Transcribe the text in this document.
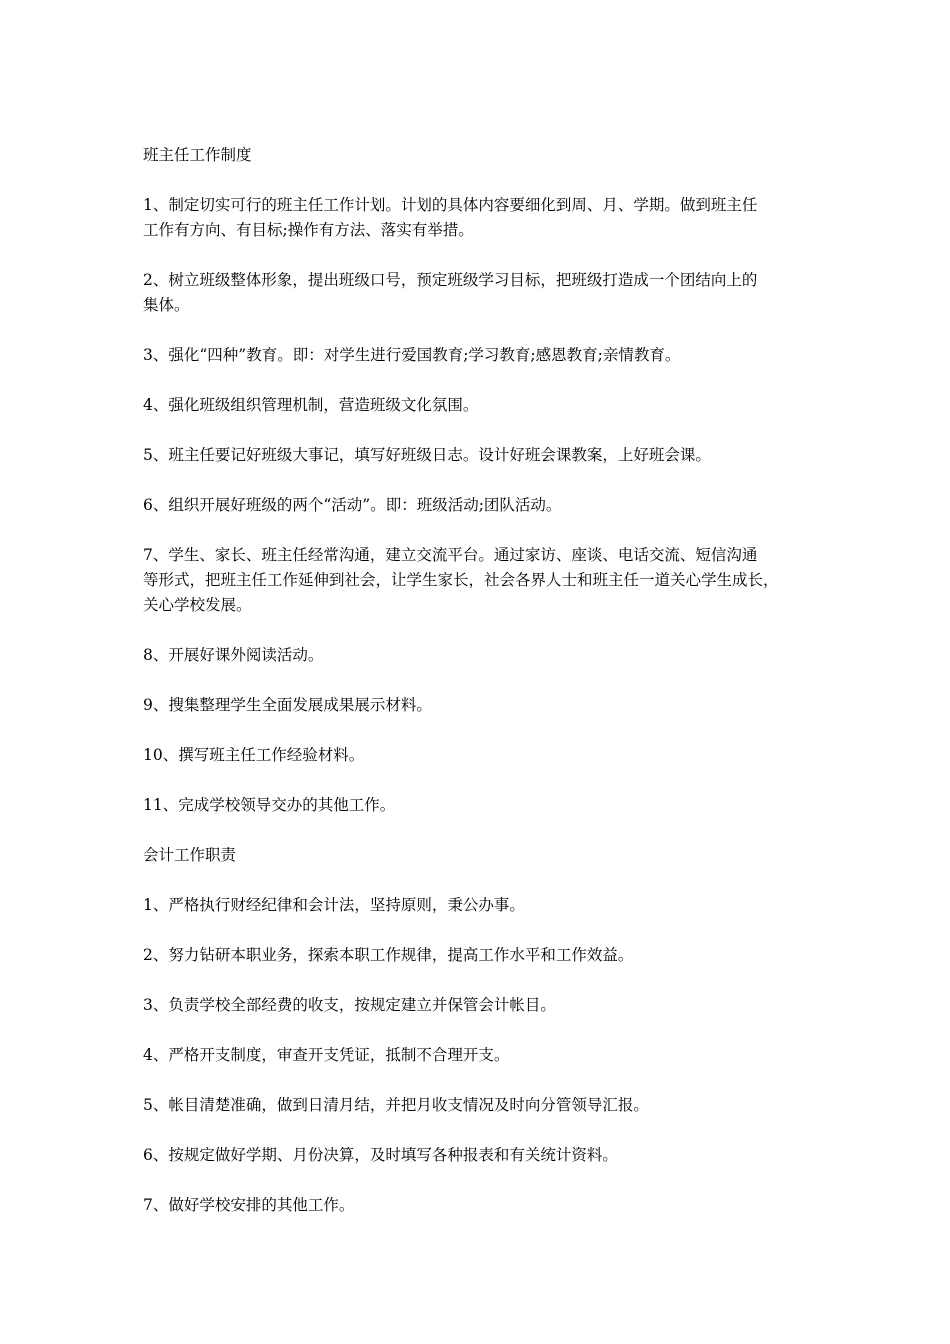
班主任工作制度

1、制定切实可行的班主任工作计划。计划的具体内容要细化到周、月、学期。做到班主任

工作有方向、有目标;操作有方法、落实有举措。

2、树立班级整体形象，提出班级口号，预定班级学习目标，把班级打造成一个团结向上的

集体。

3、强化“四种”教育。即：对学生进行爱国教育;学习教育;感恩教育;亲情教育。

4、强化班级组织管理机制，营造班级文化氛围。

5、班主任要记好班级大事记，填写好班级日志。设计好班会课教案，上好班会课。

6、组织开展好班级的两个“活动”。即：班级活动;团队活动。

7、学生、家长、班主任经常沟通，建立交流平台。通过家访、座谈、电话交流、短信沟通

等形式，把班主任工作延伸到社会，让学生家长，社会各界人士和班主任一道关心学生成长，

关心学校发展。

8、开展好课外阅读活动。

9、搜集整理学生全面发展成果展示材料。

10、撰写班主任工作经验材料。

11、完成学校领导交办的其他工作。

会计工作职责

1、严格执行财经纪律和会计法，坚持原则，秉公办事。

2、努力钻研本职业务，探索本职工作规律，提高工作水平和工作效益。

3、负责学校全部经费的收支，按规定建立并保管会计帐目。

4、严格开支制度，审查开支凭证，抵制不合理开支。

5、帐目清楚准确，做到日清月结，并把月收支情况及时向分管领导汇报。

6、按规定做好学期、月份决算，及时填写各种报表和有关统计资料。

7、做好学校安排的其他工作。
